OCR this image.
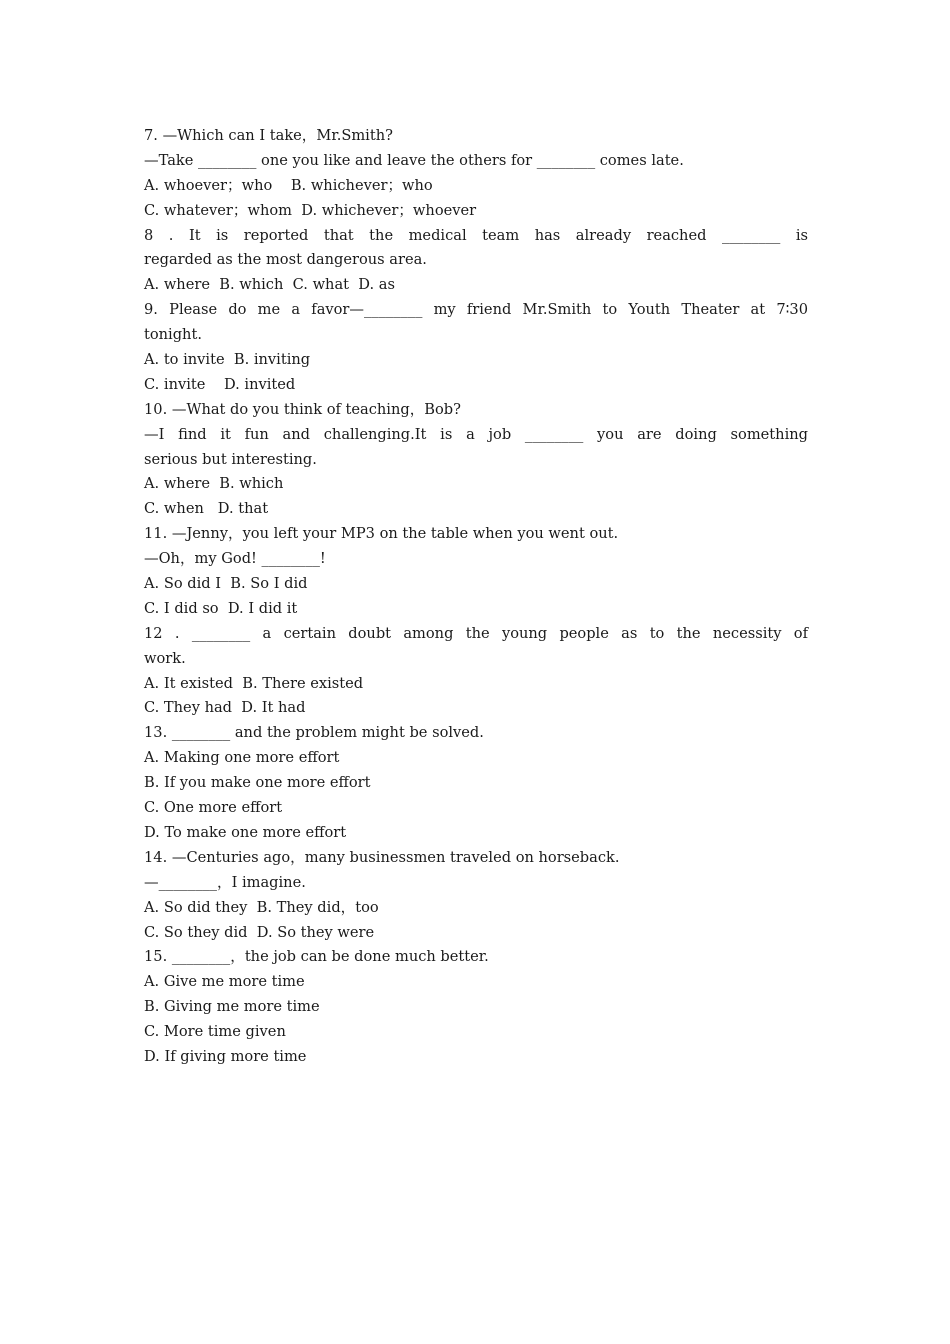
7. —Which can I take，Mr.Smith?
—Take ________ one you like and leave the others for ________ comes late.
A. whoever；who    B. whichever；who
C. whatever；whom  D. whichever；whoever
8 . It is reported that the medical team has already reached ________ is
regarded as the most dangerous area.
A. where  B. which  C. what  D. as
9. Please do me a favor—________ my friend Mr.Smith to Youth Theater at 7∶30
tonight.
A. to invite  B. inviting
C. invite    D. invited
10. —What do you think of teaching，Bob?
—I find it fun and challenging.It is a job ________ you are doing something
serious but interesting.
A. where  B. which
C. when   D. that
11. —Jenny，you left your MP3 on the table when you went out.
—Oh，my God! ________!
A. So did I  B. So I did
C. I did so  D. I did it
12 . ________ a certain doubt among the young people as to the necessity of
work.
A. It existed  B. There existed
C. They had  D. It had
13. ________ and the problem might be solved.
A. Making one more effort
B. If you make one more effort
C. One more effort
D. To make one more effort
14. —Centuries ago，many businessmen traveled on horseback.
—________，I imagine.
A. So did they  B. They did，too
C. So they did  D. So they were
15. ________，the job can be done much better.
A. Give me more time
B. Giving me more time
C. More time given
D. If giving more time
